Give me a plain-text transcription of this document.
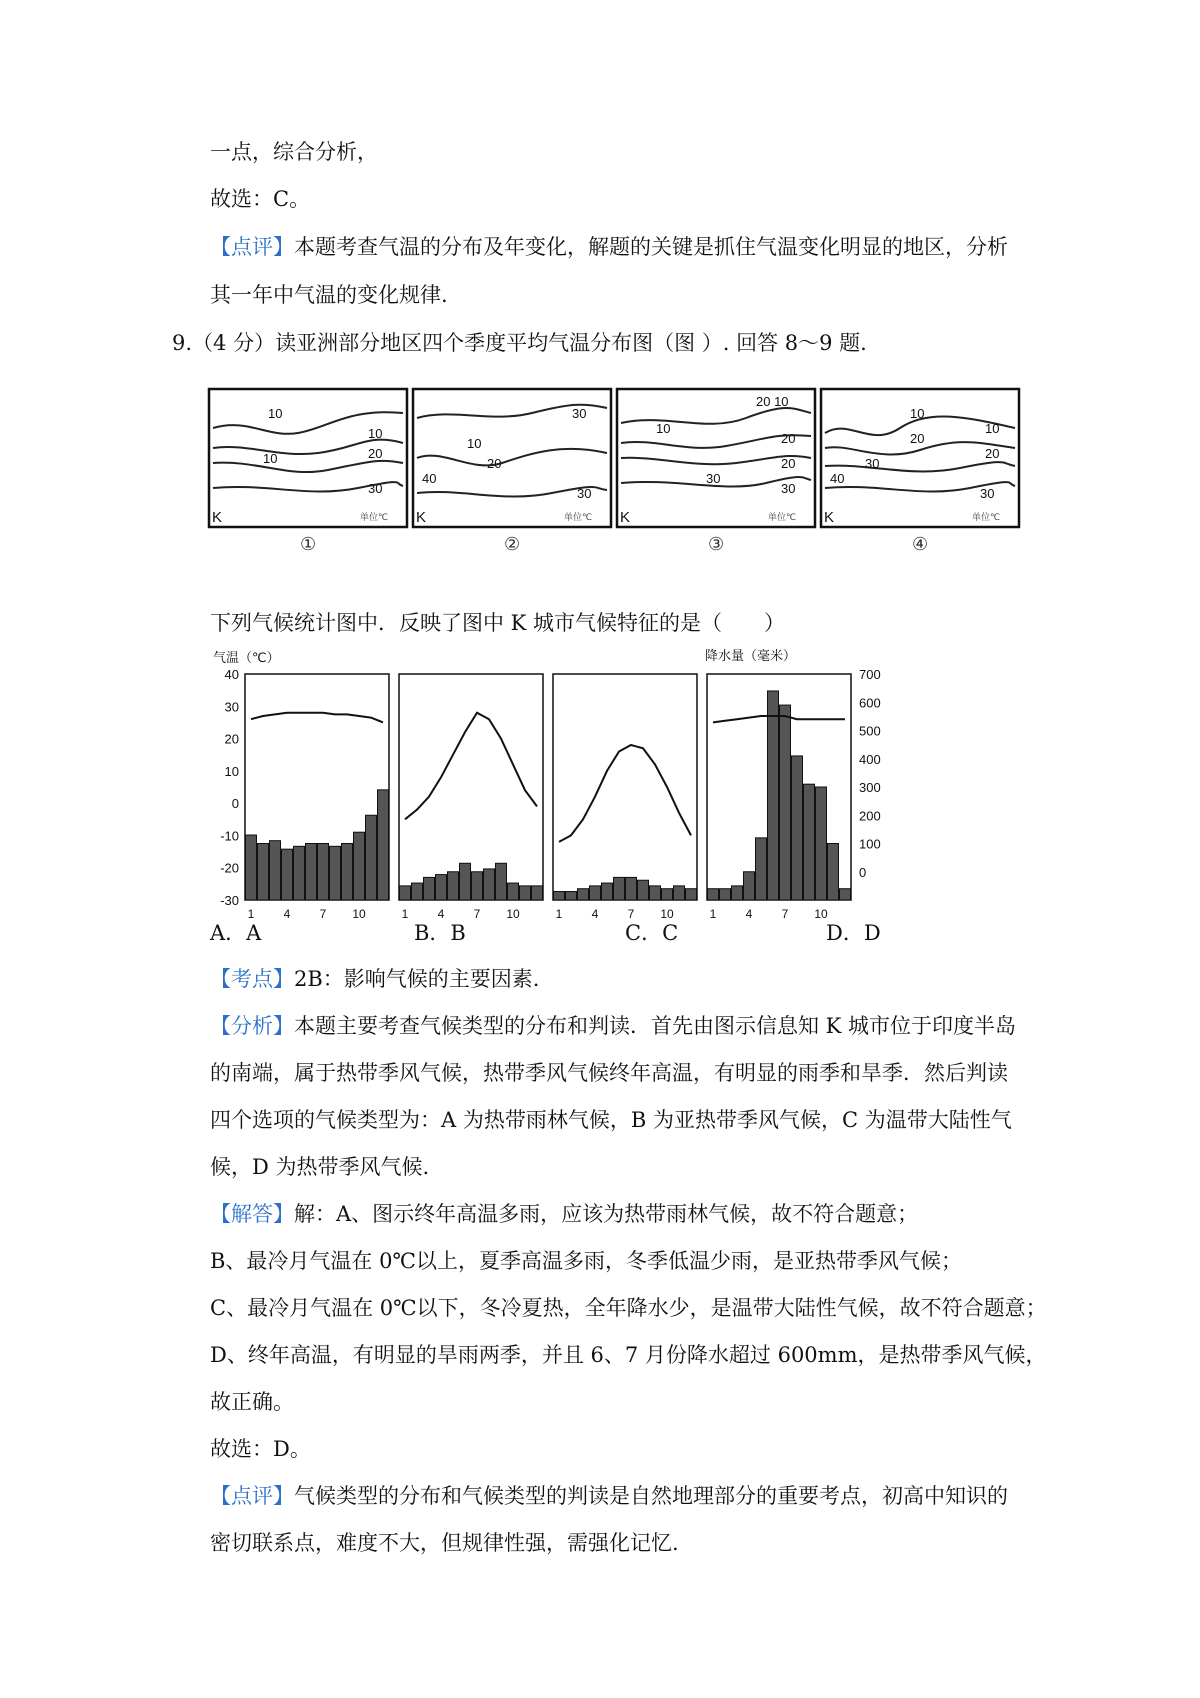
一点，综合分析，
故选：C。
【点评】本题考查气温的分布及年变化，解题的关键是抓住气温变化明显的地区，分析
其一年中气温的变化规律.
9.（4 分）读亚洲部分地区四个季度平均气温分布图（图 ）. 回答 8～9 题.
10
10
20
10
30
K	单位℃
①
30
20
10
30
40
K	单位℃
②
20 10
10
20
30
20
30
K	单位℃
③
10
20
30
40
10
20
30
K	单位℃
④
下列气候统计图中．反映了图中 K 城市气候特征的是（　　）
气温（℃）	降水量（毫米）
40
30
20
10
0
-10
-20
-30
1 4 7 10	1 4 7 10	1 4 7 10	1 4 7 10
700
600
500
400
300
200
100
0
A．A	B．B	C．C	D．D
【考点】2B：影响气候的主要因素.
【分析】本题主要考查气候类型的分布和判读．首先由图示信息知 K 城市位于印度半岛
的南端，属于热带季风气候，热带季风气候终年高温，有明显的雨季和旱季．然后判读
四个选项的气候类型为：A 为热带雨林气候，B 为亚热带季风气候，C 为温带大陆性气
候，D 为热带季风气候.
【解答】解：A、图示终年高温多雨，应该为热带雨林气候，故不符合题意；
B、最冷月气温在 0℃以上，夏季高温多雨，冬季低温少雨，是亚热带季风气候；
C、最冷月气温在 0℃以下，冬冷夏热，全年降水少，是温带大陆性气候，故不符合题意；
D、终年高温，有明显的旱雨两季，并且 6、7 月份降水超过 600mm，是热带季风气候，
故正确。
故选：D。
【点评】气候类型的分布和气候类型的判读是自然地理部分的重要考点，初高中知识的
密切联系点，难度不大，但规律性强，需强化记忆.
